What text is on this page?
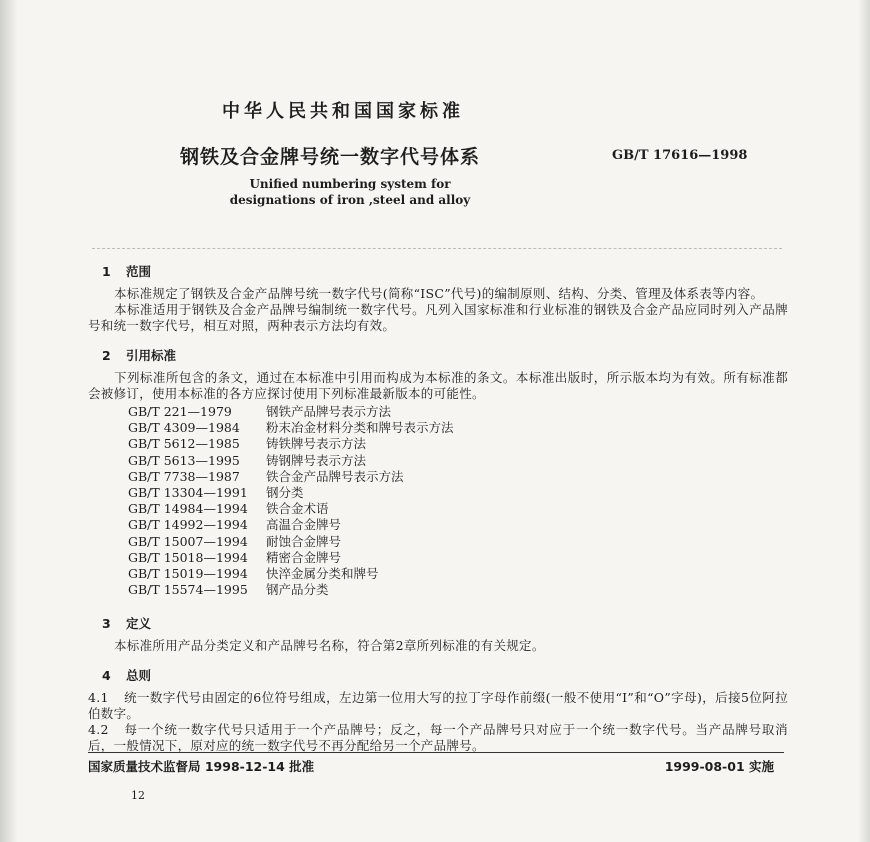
中华人民共和国国家标准
钢铁及合金牌号统一数字代号体系	GB/T 17616—1998
Unified numbering system for
designations of iron ,steel and alloy
1 范围

本标准规定了钢铁及合金产品牌号统一数字代号(简称“ISC”代号)的编制原则、结构、分类、管理及体系表等内容。

本标准适用于钢铁及合金产品牌号编制统一数字代号。凡列入国家标准和行业标准的钢铁及合金产品应同时列入产品牌号和统一数字代号，相互对照，两种表示方法均有效。

2 引用标准

下列标准所包含的条文，通过在本标准中引用而构成为本标准的条文。本标准出版时，所示版本均为有效。所有标准都会被修订，使用本标准的各方应探讨使用下列标准最新版本的可能性。

GB/T 221—1979	钢铁产品牌号表示方法
GB/T 4309—1984 粉末冶金材料分类和牌号表示方法
GB/T 5612—1985 铸铁牌号表示方法
GB/T 5613—1995 铸钢牌号表示方法
GB/T 7738—1987 铁合金产品牌号表示方法
GB/T 13304—1991 钢分类
GB/T 14984—1994 铁合金术语
GB/T 14992—1994 高温合金牌号
GB/T 15007—1994 耐蚀合金牌号
GB/T 15018—1994 精密合金牌号
GB/T 15019—1994 快淬金属分类和牌号
GB/T 15574—1995 钢产品分类
3 定义

本标准所用产品分类定义和产品牌号名称，符合第2章所列标准的有关规定。

4 总则

4.1 统一数字代号由固定的6位符号组成，左边第一位用大写的拉丁字母作前缀(一般不使用“I”和“O”字母)，后接5位阿拉伯数字。

4.2 每一个统一数字代号只适用于一个产品牌号；反之，每一个产品牌号只对应于一个统一数字代号。当产品牌号取消后，一般情况下，原对应的统一数字代号不再分配给另一个产品牌号。

国家质量技术监督局 1998-12-14 批准	1999-08-01 实施
12
